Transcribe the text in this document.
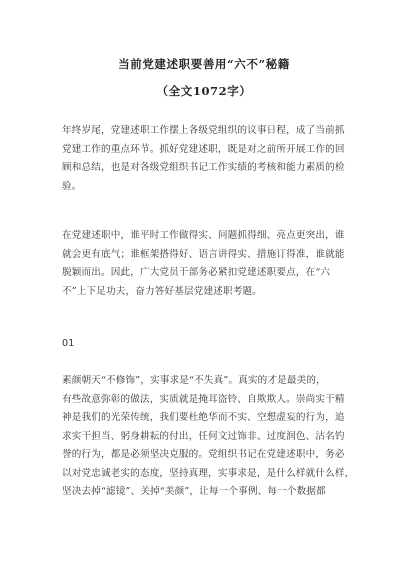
当前党建述职要善用“六不”秘籍
（全文1072字）

年终岁尾，党建述职工作摆上各级党组织的议事日程，成了当前抓
党建工作的重点环节。抓好党建述职，既是对之前所开展工作的回
顾和总结，也是对各级党组织书记工作实绩的考核和能力素质的检
验。

在党建述职中，谁平时工作做得实、问题抓得细、亮点更突出，谁
就会更有底气；谁框架搭得好、语言讲得实、措施订得准，谁就能
脱颖而出。因此，广大党员干部务必紧扣党建述职要点，在“六
不”上下足功夫，奋力答好基层党建述职考题。

01

素颜朝天“不修饰”，实事求是“不失真”。真实的才是最美的，
有些故意弥彰的做法，实质就是掩耳盗铃、自欺欺人。崇尚实干精
神是我们的光荣传统，我们要杜绝华而不实、空想虚妄的行为，追
求实干担当、躬身耕耘的付出，任何文过饰非、过度润色、沽名钓
誉的行为，都是必须坚决克服的。党组织书记在党建述职中，务必
以对党忠诚老实的态度，坚持真理，实事求是，是什么样就什么样，
坚决去掉“滤镜”、关掉“美颜”，让每一个事例、每一个数据都
